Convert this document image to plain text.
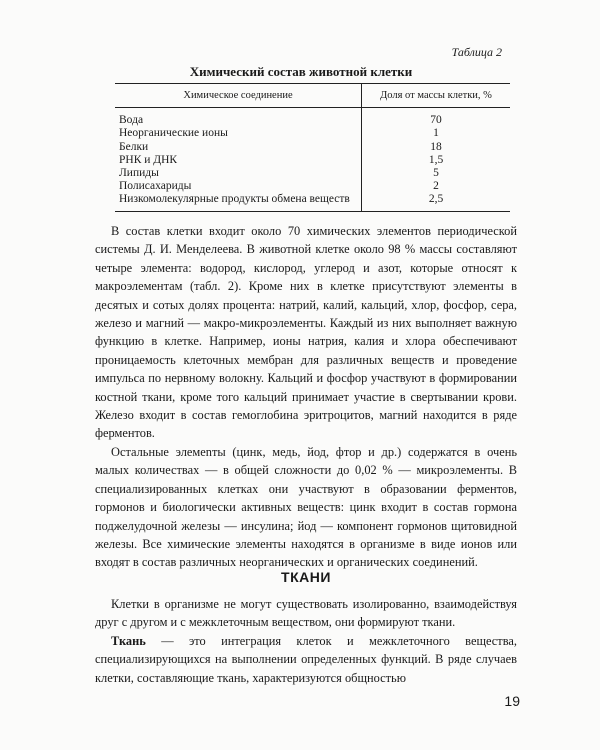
Таблица 2
Химический состав животной клетки
Химическое соединение	Доля от массы клетки, %
Вода	70
Неорганические ионы	1
Белки	18
РНК и ДНК	1,5
Липиды	5
Полисахариды	2
Низкомолекулярные продукты обмена веществ	2,5

В состав клетки входит около 70 химических элементов периодической системы Д. И. Менделеева. В животной клетке около 98 % массы составляют четыре элемента: водород, кислород, углерод и азот, которые относят к макроэлементам (табл. 2). Кроме них в клетке присутствуют элементы в десятых и сотых долях процента: натрий, калий, кальций, хлор, фосфор, сера, железо и магний — макро-микроэлементы. Каждый из них выполняет важную функцию в клетке. Например, ионы натрия, калия и хлора обеспечивают проницаемость клеточных мембран для различных веществ и проведение импульса по нервному волокну. Кальций и фосфор участвуют в формировании костной ткани, кроме того кальций принимает участие в свертывании крови. Железо входит в состав гемоглобина эритроцитов, магний находится в ряде ферментов.

Остальные элемеnты (цинк, медь, йод, фтор и др.) содержатся в очень малых количествах — в общей сложности до 0,02 % — микроэлементы. В специализированных клетках они участвуют в образовании ферментов, гормонов и биологически активных веществ: цинк входит в состав гормона поджелудочной железы — инсулина; йод — компонент гормонов щитовидной железы. Все химические элементы находятся в организме в виде ионов или входят в состав различных неорганических и органических соединений.

ТКАНИ

Клетки в организме не могут существовать изолированно, взаимодействуя друг с другом и с межклеточным веществом, они формируют ткани.

Ткань — это интеграция клеток и межклеточного вещества, специализирующихся на выполнении определенных функций. В ряде случаев клетки, составляющие ткань, характеризуются общностью

19
